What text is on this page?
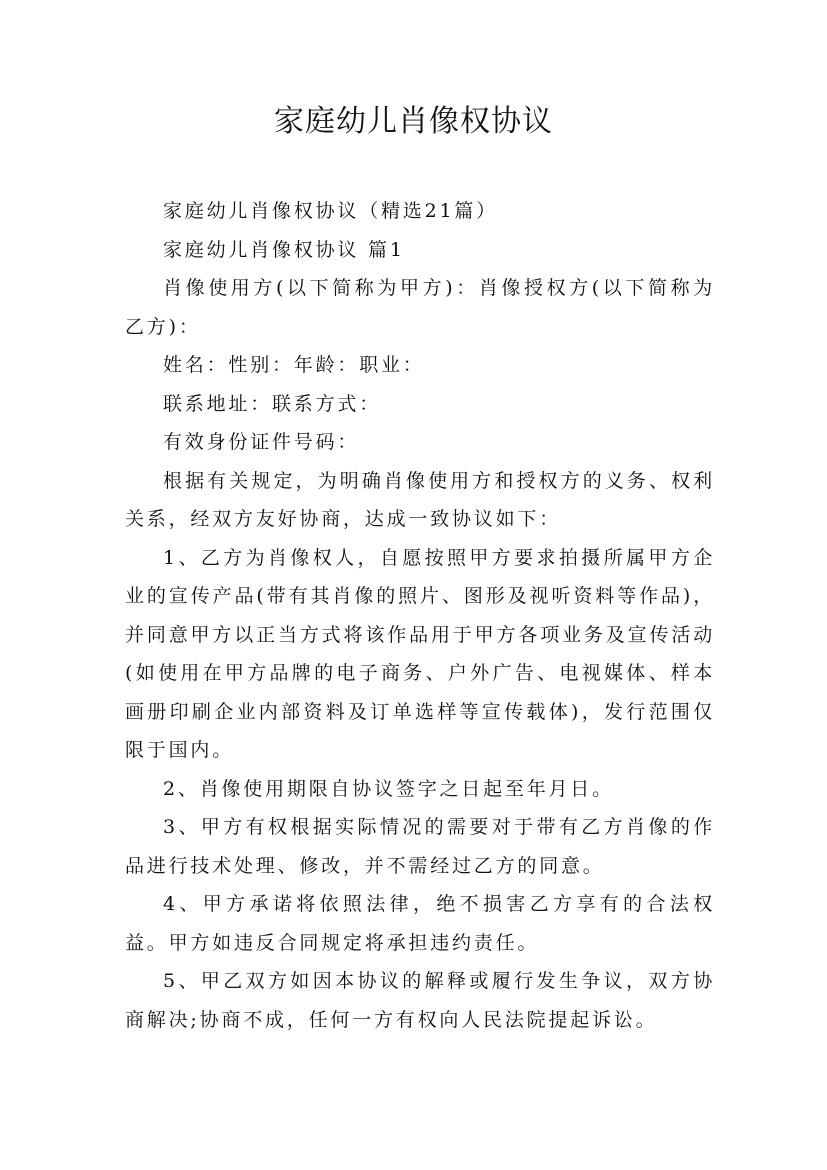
家庭幼儿肖像权协议

家庭幼儿肖像权协议（精选21篇）

家庭幼儿肖像权协议 篇1

肖像使用方(以下简称为甲方)：肖像授权方(以下简称为乙方)：

姓名：性别：年龄：职业：

联系地址：联系方式：

有效身份证件号码：

根据有关规定，为明确肖像使用方和授权方的义务、权利关系，经双方友好协商，达成一致协议如下：

1、乙方为肖像权人，自愿按照甲方要求拍摄所属甲方企业的宣传产品(带有其肖像的照片、图形及视听资料等作品)，并同意甲方以正当方式将该作品用于甲方各项业务及宣传活动(如使用在甲方品牌的电子商务、户外广告、电视媒体、样本画册印刷企业内部资料及订单选样等宣传载体)，发行范围仅限于国内。

2、肖像使用期限自协议签字之日起至年月日。

3、甲方有权根据实际情况的需要对于带有乙方肖像的作品进行技术处理、修改，并不需经过乙方的同意。

4、甲方承诺将依照法律，绝不损害乙方享有的合法权益。甲方如违反合同规定将承担违约责任。

5、甲乙双方如因本协议的解释或履行发生争议，双方协商解决;协商不成，任何一方有权向人民法院提起诉讼。
